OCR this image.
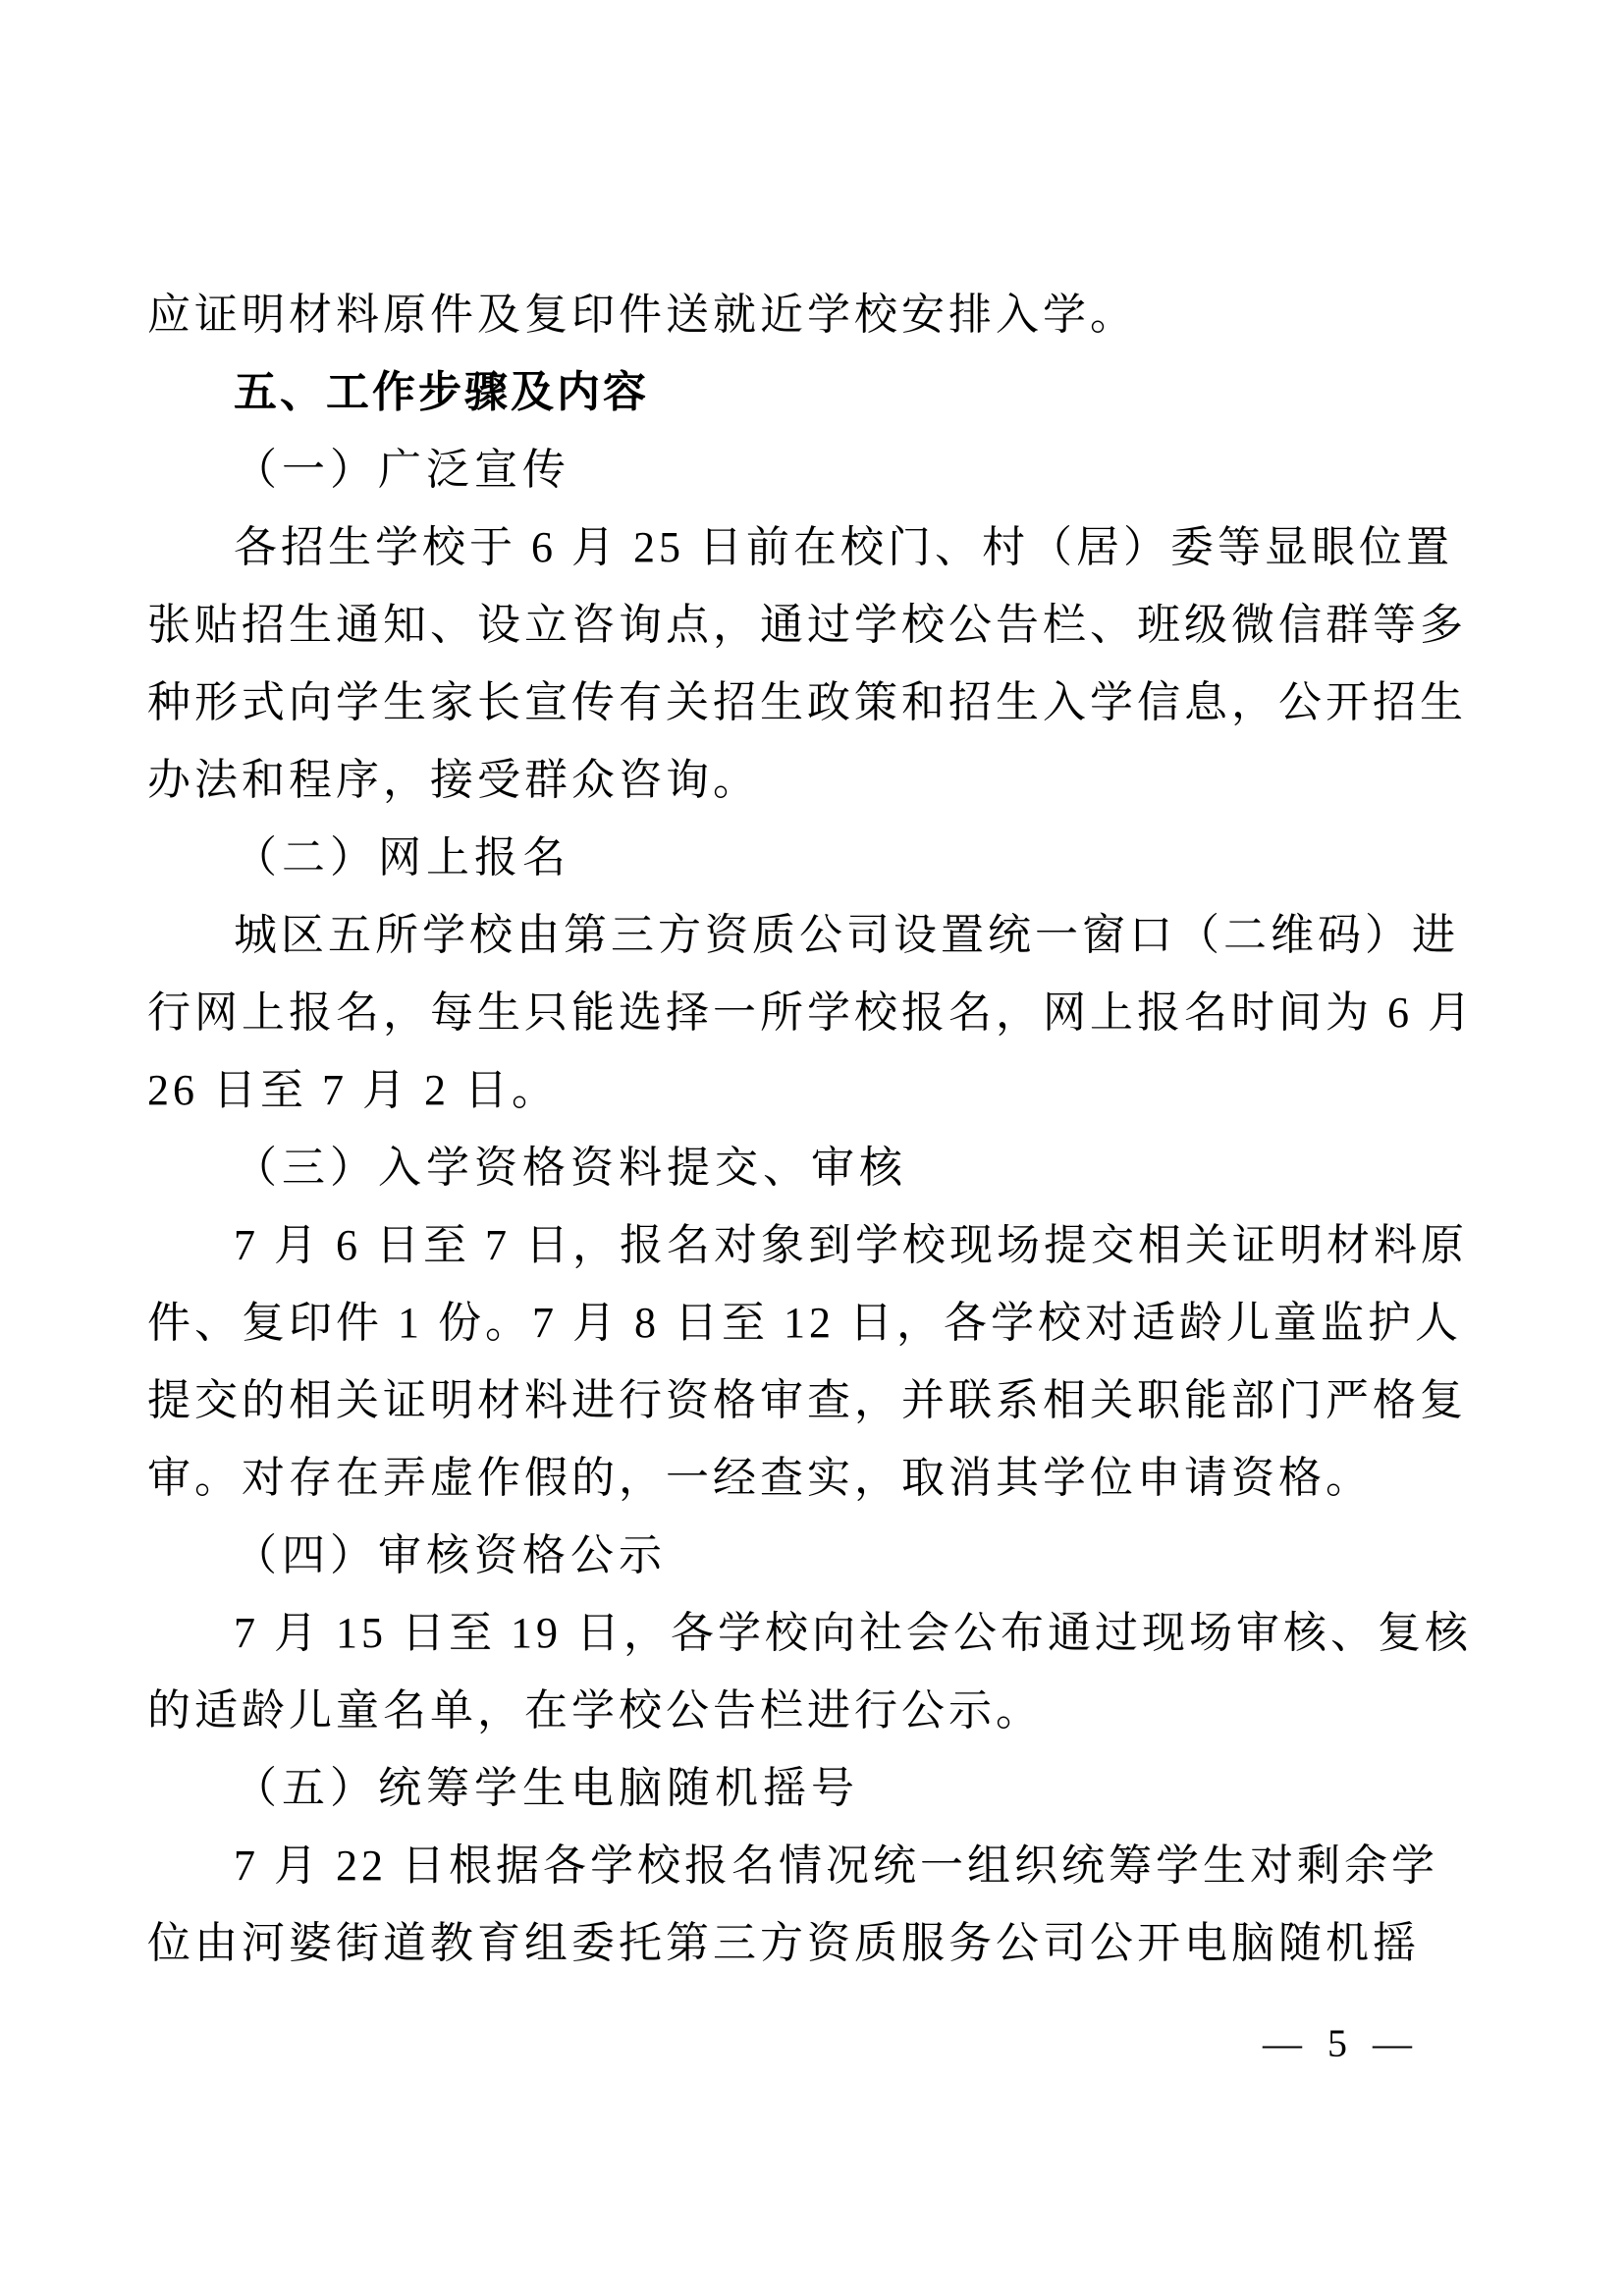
应证明材料原件及复印件送就近学校安排入学。
五、工作步骤及内容
（一）广泛宣传
各招生学校于 6 月 25 日前在校门、村（居）委等显眼位置
张贴招生通知、设立咨询点，通过学校公告栏、班级微信群等多
种形式向学生家长宣传有关招生政策和招生入学信息，公开招生
办法和程序，接受群众咨询。
（二）网上报名
城区五所学校由第三方资质公司设置统一窗口（二维码）进
行网上报名，每生只能选择一所学校报名，网上报名时间为 6 月
26 日至 7 月 2 日。
（三）入学资格资料提交、审核
7 月 6 日至 7 日，报名对象到学校现场提交相关证明材料原
件、复印件 1 份。7 月 8 日至 12 日，各学校对适龄儿童监护人
提交的相关证明材料进行资格审查，并联系相关职能部门严格复
审。对存在弄虚作假的，一经查实，取消其学位申请资格。
（四）审核资格公示
7 月 15 日至 19 日，各学校向社会公布通过现场审核、复核
的适龄儿童名单，在学校公告栏进行公示。
（五）统筹学生电脑随机摇号
7 月 22 日根据各学校报名情况统一组织统筹学生对剩余学
位由河婆街道教育组委托第三方资质服务公司公开电脑随机摇
— 5 —
